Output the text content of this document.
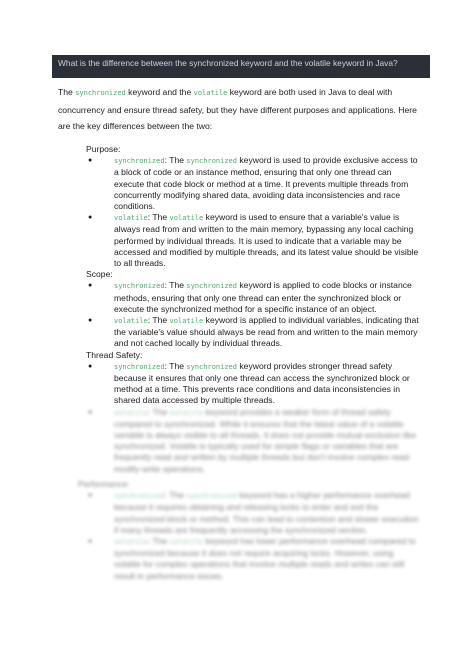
What is the difference between the synchronized keyword and the volatile keyword in Java?
The synchronized keyword and the volatile keyword are both used in Java to deal with concurrency and ensure thread safety, but they have different purposes and applications. Here are the key differences between the two:

Purpose:

●	synchronized: The synchronized keyword is used to provide exclusive access to a block of code or an instance method, ensuring that only one thread can execute that code block or method at a time. It prevents multiple threads from concurrently modifying shared data, avoiding data inconsistencies and race conditions.
●	volatile: The volatile keyword is used to ensure that a variable's value is always read from and written to the main memory, bypassing any local caching performed by individual threads. It is used to indicate that a variable may be accessed and modified by multiple threads, and its latest value should be visible to all threads.

Scope:

●	synchronized: The synchronized keyword is applied to code blocks or instance methods, ensuring that only one thread can enter the synchronized block or execute the synchronized method for a specific instance of an object.
●	volatile: The volatile keyword is applied to individual variables, indicating that the variable's value should always be read from and written to the main memory and not cached locally by individual threads.

Thread Safety:

●	synchronized: The synchronized keyword provides stronger thread safety because it ensures that only one thread can access the synchronized block or method at a time. This prevents race conditions and data inconsistencies in shared data accessed by multiple threads.
●	volatile: The volatile keyword provides a weaker form of thread safety compared to synchronized. While it ensures that the latest value of a volatile variable is always visible to all threads, it does not provide mutual exclusion like synchronized. Volatile is typically used for simple flags or variables that are frequently read and written by multiple threads but don't involve complex read-modify-write operations.

Performance:

●	synchronized: The synchronized keyword has a higher performance overhead because it requires obtaining and releasing locks to enter and exit the synchronized block or method. This can lead to contention and slower execution if many threads are frequently accessing the synchronized section.
●	volatile: The volatile keyword has lower performance overhead compared to synchronized because it does not require acquiring locks. However, using volatile for complex operations that involve multiple reads and writes can still result in performance issues.
